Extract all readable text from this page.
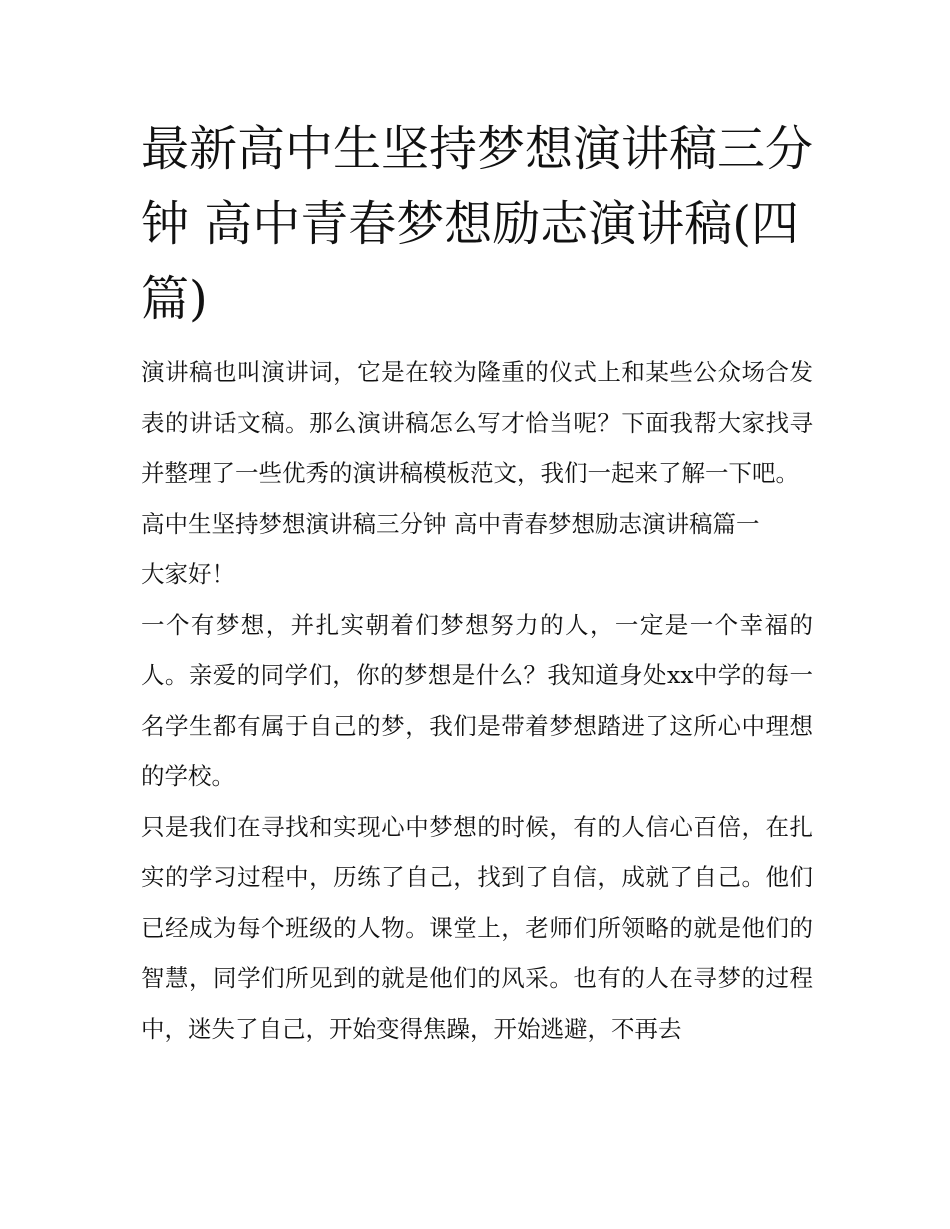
最新高中生坚持梦想演讲稿三分钟 高中青春梦想励志演讲稿(四篇)

演讲稿也叫演讲词，它是在较为隆重的仪式上和某些公众场合发表的讲话文稿。那么演讲稿怎么写才恰当呢？下面我帮大家找寻并整理了一些优秀的演讲稿模板范文，我们一起来了解一下吧。

高中生坚持梦想演讲稿三分钟 高中青春梦想励志演讲稿篇一

大家好！

一个有梦想，并扎实朝着们梦想努力的人，一定是一个幸福的人。亲爱的同学们，你的梦想是什么？我知道身处xx中学的每一名学生都有属于自己的梦，我们是带着梦想踏进了这所心中理想的学校。

只是我们在寻找和实现心中梦想的时候，有的人信心百倍，在扎实的学习过程中，历练了自己，找到了自信，成就了自己。他们已经成为每个班级的人物。课堂上，老师们所领略的就是他们的智慧，同学们所见到的就是他们的风采。也有的人在寻梦的过程中，迷失了自己，开始变得焦躁，开始逃避，不再去
